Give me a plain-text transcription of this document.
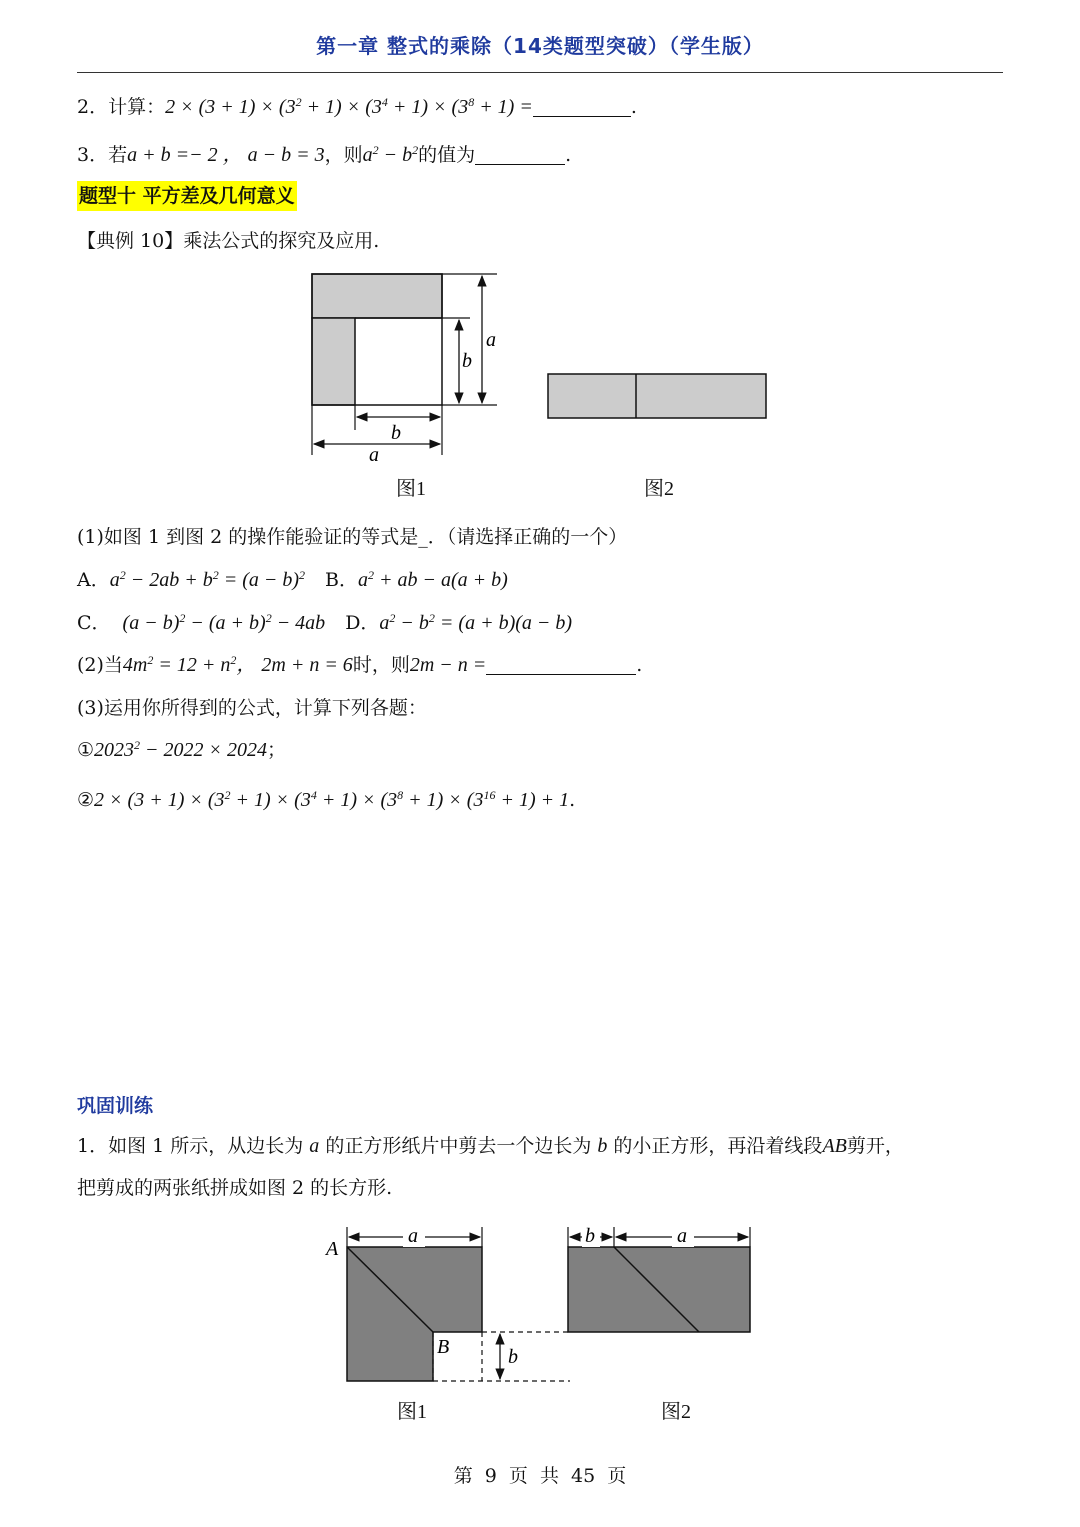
第一章 整式的乘除（14类题型突破）（学生版）
2．计算：$2 \times (3 + 1) \times (3^2 + 1) \times (3^4 + 1) \times (3^8 + 1)$ =	.
3．若a + b =− 2 ， a − b = 3，则$a^2 - b^2$的值为	.
题型十 平方差及几何意义
【典例 10】乘法公式的探究及应用.
a
b
b
a
图1	图2
(1)如图 1 到图 2 的操作能验证的等式是_．（请选择正确的一个）
A．$a^2 - 2ab + b^2 = (a - b)^2$ B．$a^2$ + ab − a(a + b)
C． $(a - b)^2 - (a + b)^2 - 4ab$ D．$a^2 - b^2 = (a + b)(a - b)$
(2)当$4m^2 = 12 + n^2$， 2m + n = 6时，则2m − n =	.
(3)运用你所得到的公式，计算下列各题：
$①2023^2 - 2022 \times 2024$；
②2 × $(3 + 1) \times (3^2 + 1) \times (3^4 + 1) \times (3^8 + 1) \times (3^{16} + 1) + 1$.
巩固训练
1．如图 1 所示，从边长为 a 的正方形纸片中剪去一个边长为 b 的小正方形，再沿着线段AB剪开，
把剪成的两张纸拼成如图 2 的长方形.
a
b
A
B
b	a
图1	图2
第 9 页 共 45 页
